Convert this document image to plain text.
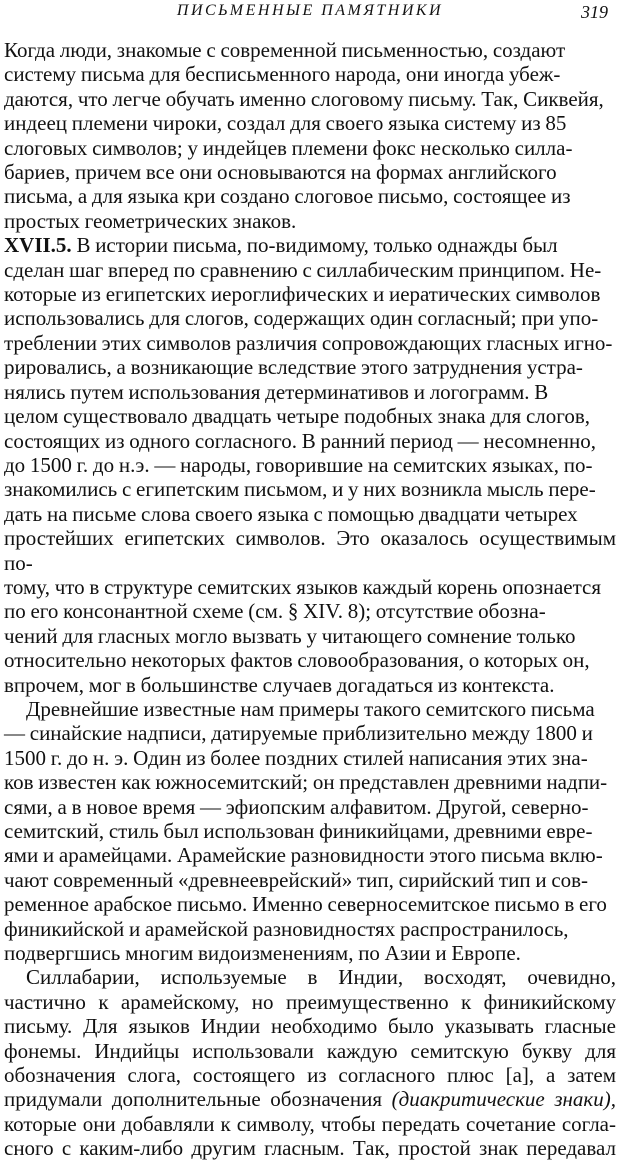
ПИСЬМЕННЫЕ ПАМЯТНИКИ	319

Когда люди, знакомые с современной письменностью, создают
систему письма для бесписьменного народа, они иногда убеж-
даются, что легче обучать именно слоговому письму. Так, Сиквейя,
индеец племени чироки, создал для своего языка систему из 85
слоговых символов; у индейцев племени фокс несколько силла-
бариев, причем все они основываются на формах английского
письма, а для языка кри создано слоговое письмо, состоящее из
простых геометрических знаков.

XVII.5. В истории письма, по-видимому, только однажды был
сделан шаг вперед по сравнению с силлабическим принципом. Не-
которые из египетских иероглифических и иератических символов
использовались для слогов, содержащих один согласный; при упо-
треблении этих символов различия сопровождающих гласных игно-
рировались, а возникающие вследствие этого затруднения устра-
нялись путем использования детерминативов и логограмм. В
целом существовало двадцать четыре подобных знака для слогов,
состоящих из одного согласного. В ранний период — несомненно,
до 1500 г. до н.э. — народы, говорившие на семитских языках, по-
знакомились с египетским письмом, и у них возникла мысль пере-
дать на письме слова своего языка с помощью двадцати четырех
простейших египетских символов. Это оказалось осуществимым по-
тому, что в структуре семитских языков каждый корень опознается
по его консонантной схеме (см. § XIV. 8); отсутствие обозна-
чений для гласных могло вызвать у читающего сомнение только
относительно некоторых фактов словообразования, о которых он,
впрочем, мог в большинстве случаев догадаться из контекста.

Древнейшие известные нам примеры такого семитского письма
— синайские надписи, датируемые приблизительно между 1800 и
1500 г. до н. э. Один из более поздних стилей написания этих зна-
ков известен как южносемитский; он представлен древними надпи-
сями, а в новое время — эфиопским алфавитом. Другой, северно-
семитский, стиль был использован финикийцами, древними евре-
ями и арамейцами. Арамейские разновидности этого письма вклю-
чают современный «древнееврейский» тип, сирийский тип и сов-
ременное арабское письмо. Именно северносемитское письмо в его
финикийской и арамейской разновидностях распространилось,
подвергшись многим видоизменениям, по Азии и Европе.

Силлабарии, используемые в Индии, восходят, очевидно,
частично к арамейскому, но преимущественно к финикийскому
письму. Для языков Индии необходимо было указывать гласные
фонемы. Индийцы использовали каждую семитскую букву для
обозначения слога, состоящего из согласного плюс [a], а затем
придумали дополнительные обозначения (диакритические знаки),
которые они добавляли к символу, чтобы передать сочетание согла-
сного с каким-либо другим гласным. Так, простой знак передавал
